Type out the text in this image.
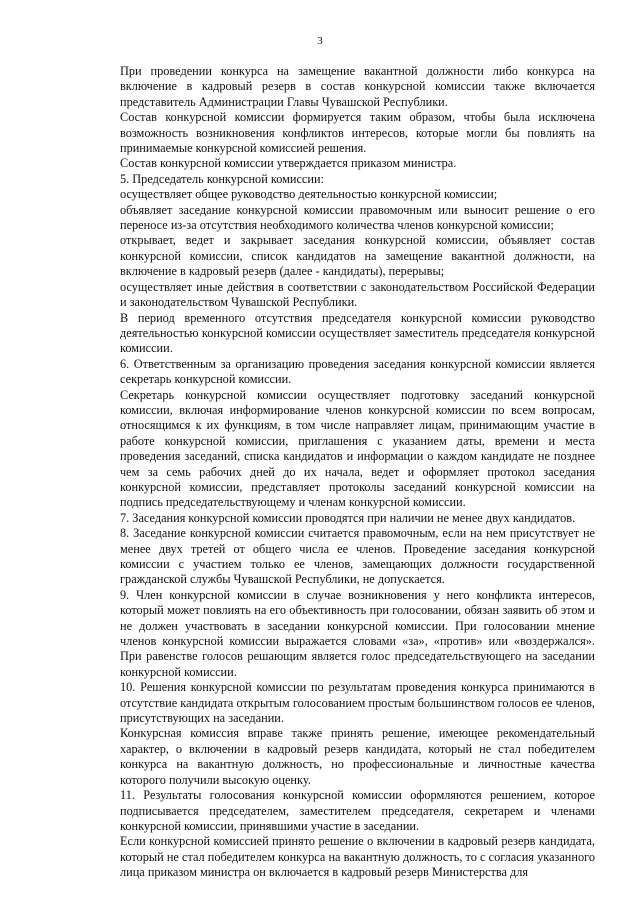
3

При проведении конкурса на замещение вакантной должности либо конкурса на включение в кадровый резерв в состав конкурсной комиссии также включается представитель Администрации Главы Чувашской Республики.

Состав конкурсной комиссии формируется таким образом, чтобы была исключена возможность возникновения конфликтов интересов, которые могли бы повлиять на принимаемые конкурсной комиссией решения.

Состав конкурсной комиссии утверждается приказом министра.

5. Председатель конкурсной комиссии:

осуществляет общее руководство деятельностью конкурсной комиссии;

объявляет заседание конкурсной комиссии правомочным или выносит решение о его переносе из-за отсутствия необходимого количества членов конкурсной комиссии;

открывает, ведет и закрывает заседания конкурсной комиссии, объявляет состав конкурсной комиссии, список кандидатов на замещение вакантной должности, на включение в кадровый резерв (далее - кандидаты), перерывы;

осуществляет иные действия в соответствии с законодательством Российской Федерации и законодательством Чувашской Республики.

В период временного отсутствия председателя конкурсной комиссии руководство деятельностью конкурсной комиссии осуществляет заместитель председателя конкурсной комиссии.

6. Ответственным за организацию проведения заседания конкурсной комиссии является секретарь конкурсной комиссии.

Секретарь конкурсной комиссии осуществляет подготовку заседаний конкурсной комиссии, включая информирование членов конкурсной комиссии по всем вопросам, относящимся к их функциям, в том числе направляет лицам, принимающим участие в работе конкурсной комиссии, приглашения с указанием даты, времени и места проведения заседаний, списка кандидатов и информации о каждом кандидате не позднее чем за семь рабочих дней до их начала, ведет и оформляет протокол заседания конкурсной комиссии, представляет протоколы заседаний конкурсной комиссии на подпись председательствующему и членам конкурсной комиссии.

7. Заседания конкурсной комиссии проводятся при наличии не менее двух кандидатов.

8. Заседание конкурсной комиссии считается правомочным, если на нем присутствует не менее двух третей от общего числа ее членов. Проведение заседания конкурсной комиссии с участием только ее членов, замещающих должности государственной гражданской службы Чувашской Республики, не допускается.

9. Член конкурсной комиссии в случае возникновения у него конфликта интересов, который может повлиять на его объективность при голосовании, обязан заявить об этом и не должен участвовать в заседании конкурсной комиссии. При голосовании мнение членов конкурсной комиссии выражается словами «за», «против» или «воздержался». При равенстве голосов решающим является голос председательствующего на заседании конкурсной комиссии.

10. Решения конкурсной комиссии по результатам проведения конкурса принимаются в отсутствие кандидата открытым голосованием простым большинством голосов ее членов, присутствующих на заседании.

Конкурсная комиссия вправе также принять решение, имеющее рекомендательный характер, о включении в кадровый резерв кандидата, который не стал победителем конкурса на вакантную должность, но профессиональные и личностные качества которого получили высокую оценку.

11. Результаты голосования конкурсной комиссии оформляются решением, которое подписывается председателем, заместителем председателя, секретарем и членами конкурсной комиссии, принявшими участие в заседании.

Если конкурсной комиссией принято решение о включении в кадровый резерв кандидата, который не стал победителем конкурса на вакантную должность, то с согласия указанного лица приказом министра он включается в кадровый резерв Министерства для
